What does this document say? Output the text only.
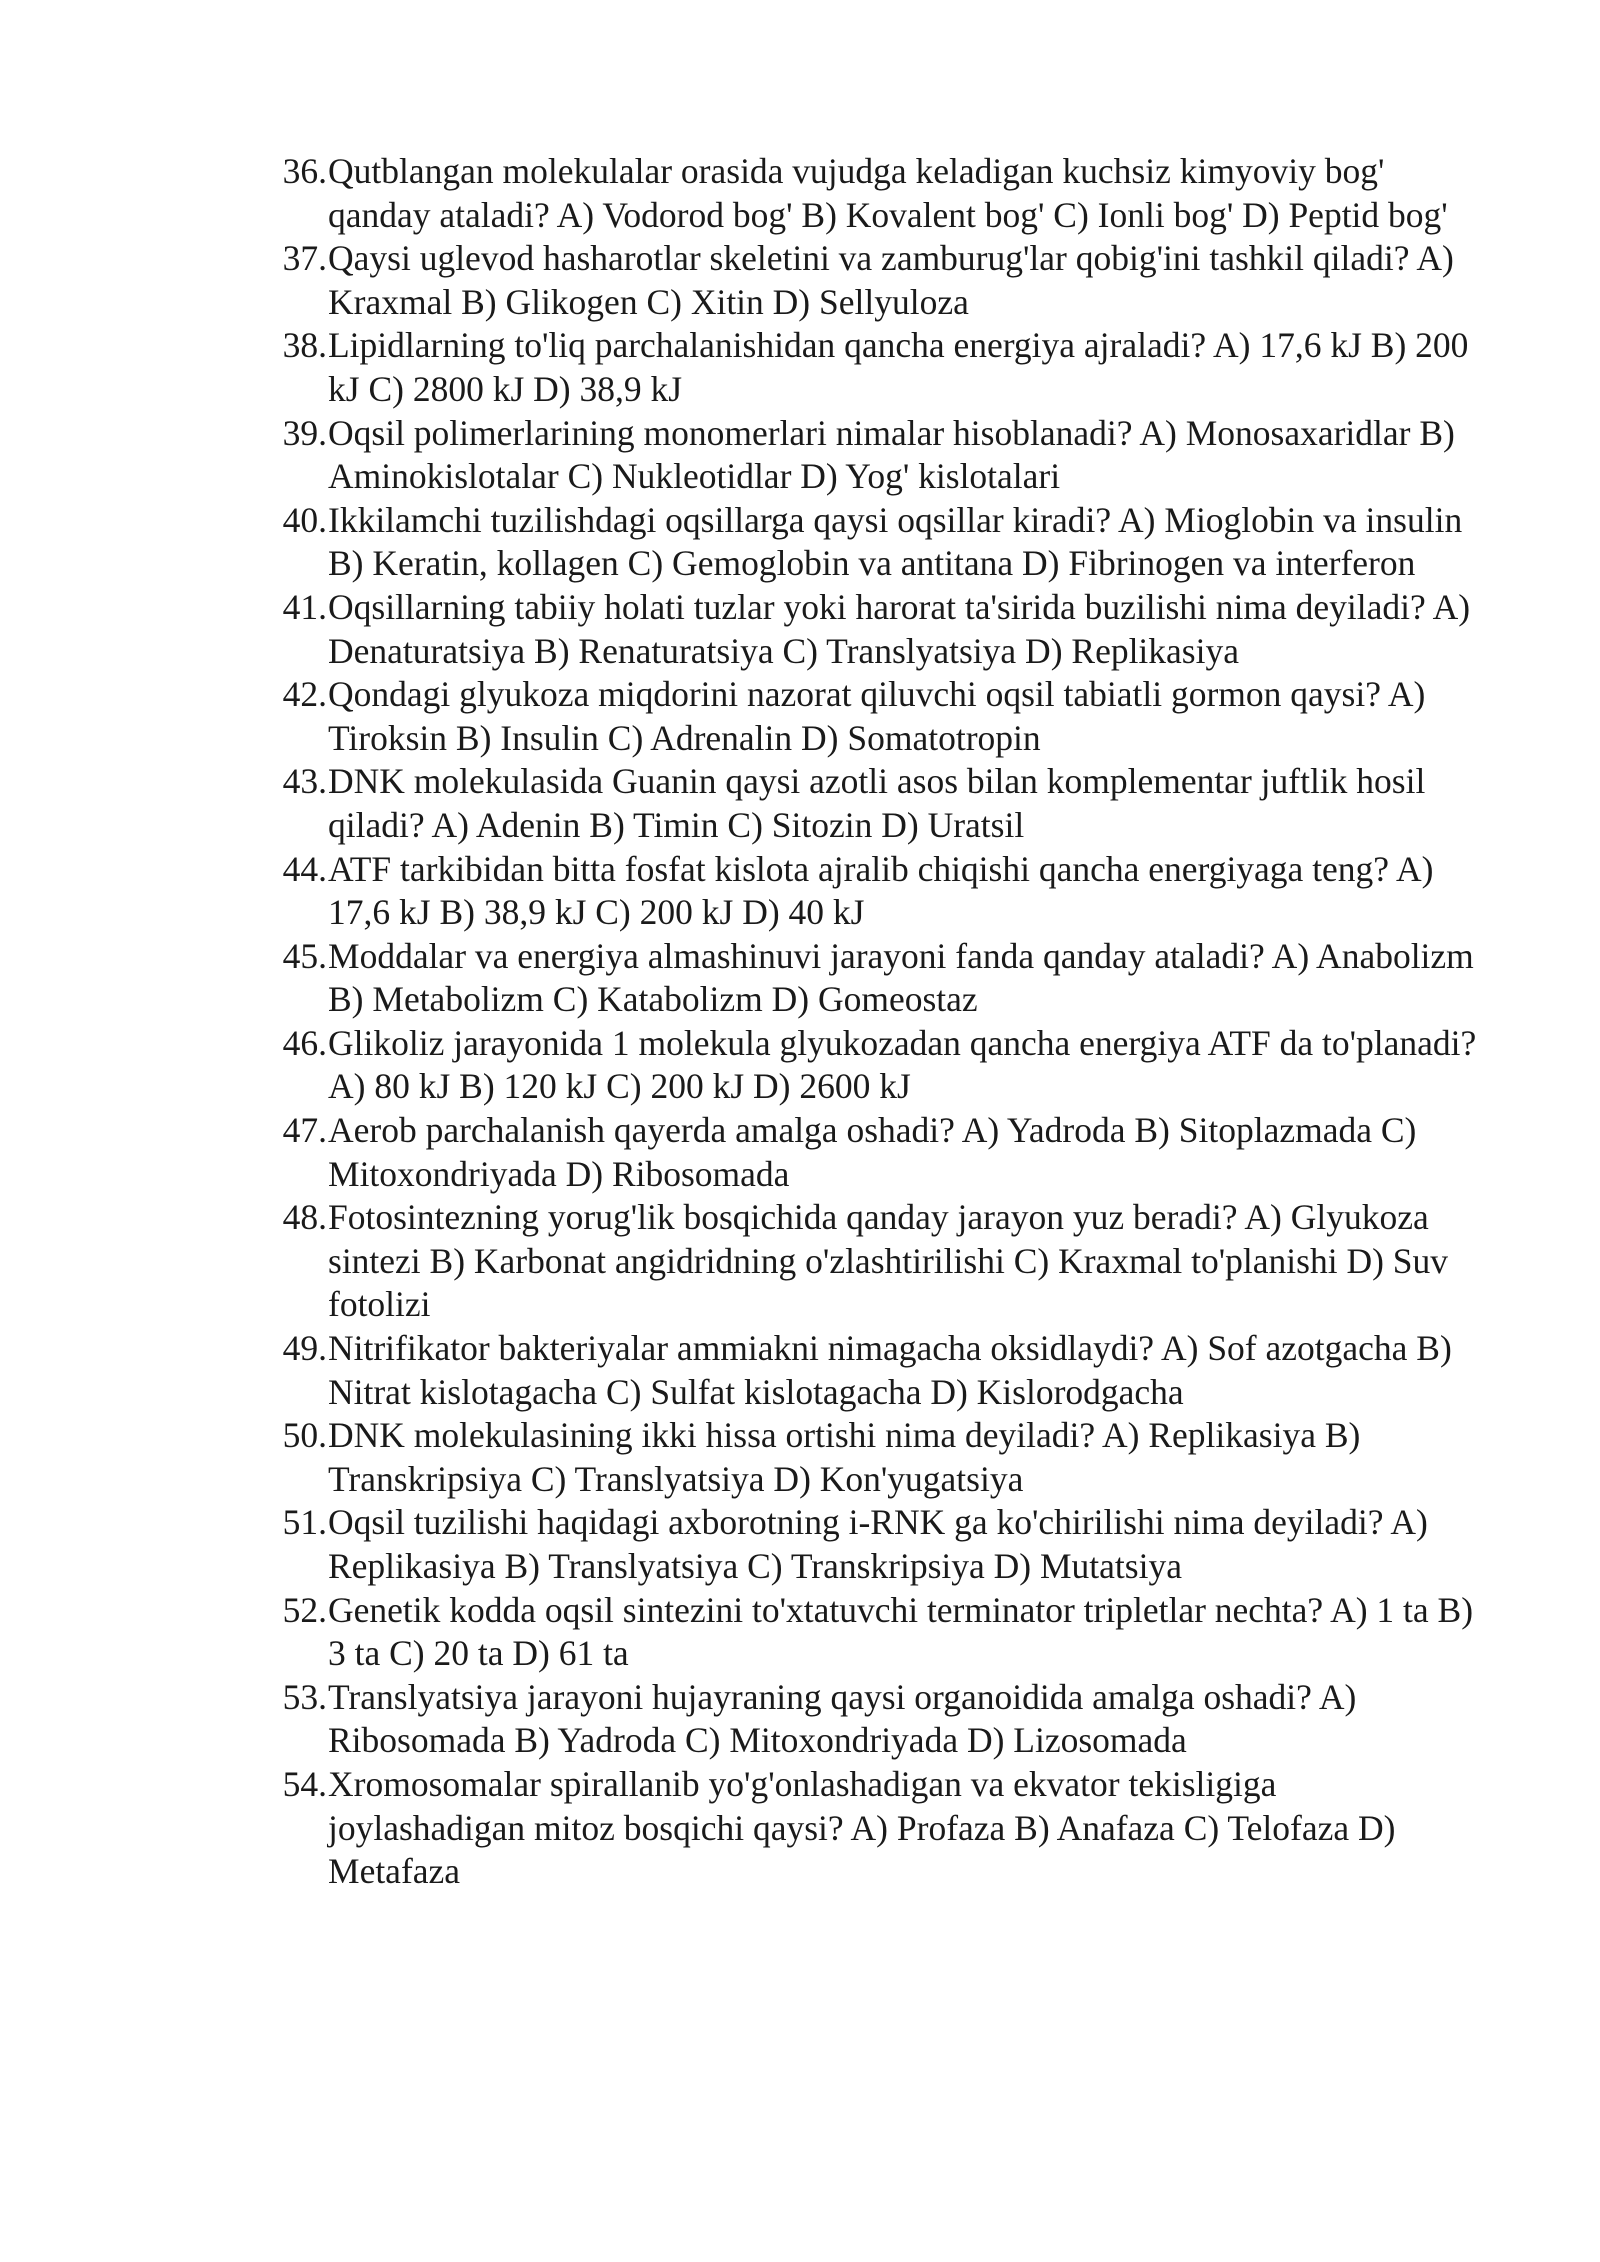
36. Qutblangan molekulalar orasida vujudga keladigan kuchsiz kimyoviy bog' qanday ataladi? A) Vodorod bog' B) Kovalent bog' C) Ionli bog' D) Peptid bog'
37. Qaysi uglevod hasharotlar skeletini va zamburug'lar qobig'ini tashkil qiladi? A) Kraxmal B) Glikogen C) Xitin D) Sellyuloza
38. Lipidlarning to'liq parchalanishidan qancha energiya ajraladi? A) 17,6 kJ B) 200 kJ C) 2800 kJ D) 38,9 kJ
39. Oqsil polimerlarining monomerlari nimalar hisoblanadi? A) Monosaxaridlar B) Aminokislotalar C) Nukleotidlar D) Yog' kislotalari
40. Ikkilamchi tuzilishdagi oqsillarga qaysi oqsillar kiradi? A) Mioglobin va insulin B) Keratin, kollagen C) Gemoglobin va antitana D) Fibrinogen va interferon
41. Oqsillarning tabiiy holati tuzlar yoki harorat ta'sirida buzilishi nima deyiladi? A) Denaturatsiya B) Renaturatsiya C) Translyatsiya D) Replikasiya
42. Qondagi glyukoza miqdorini nazorat qiluvchi oqsil tabiatli gormon qaysi? A) Tiroksin B) Insulin C) Adrenalin D) Somatotropin
43. DNK molekulasida Guanin qaysi azotli asos bilan komplementar juftlik hosil qiladi? A) Adenin B) Timin C) Sitozin D) Uratsil
44. ATF tarkibidan bitta fosfat kislota ajralib chiqishi qancha energiyaga teng? A) 17,6 kJ B) 38,9 kJ C) 200 kJ D) 40 kJ
45. Moddalar va energiya almashinuvi jarayoni fanda qanday ataladi? A) Anabolizm B) Metabolizm C) Katabolizm D) Gomeostaz
46. Glikoliz jarayonida 1 molekula glyukozadan qancha energiya ATF da to'planadi? A) 80 kJ B) 120 kJ C) 200 kJ D) 2600 kJ
47. Aerob parchalanish qayerda amalga oshadi? A) Yadroda B) Sitoplazmada C) Mitoxondriyada D) Ribosomada
48. Fotosintezning yorug'lik bosqichida qanday jarayon yuz beradi? A) Glyukoza sintezi B) Karbonat angidridning o'zlashtirilishi C) Kraxmal to'planishi D) Suv fotolizi
49. Nitrifikator bakteriyalar ammiakni nimagacha oksidlaydi? A) Sof azotgacha B) Nitrat kislotagacha C) Sulfat kislotagacha D) Kislorodgacha
50. DNK molekulasining ikki hissa ortishi nima deyiladi? A) Replikasiya B) Transkripsiya C) Translyatsiya D) Kon'yugatsiya
51. Oqsil tuzilishi haqidagi axborotning i-RNK ga ko'chirilishi nima deyiladi? A) Replikasiya B) Translyatsiya C) Transkripsiya D) Mutatsiya
52. Genetik kodda oqsil sintezini to'xtatuvchi terminator tripletlar nechta? A) 1 ta B) 3 ta C) 20 ta D) 61 ta
53. Translyatsiya jarayoni hujayraning qaysi organoidida amalga oshadi? A) Ribosomada B) Yadroda C) Mitoxondriyada D) Lizosomada
54. Xromosomalar spirallanib yo'g'onlashadigan va ekvator tekisligiga joylashadigan mitoz bosqichi qaysi? A) Profaza B) Anafaza C) Telofaza D) Metafaza
